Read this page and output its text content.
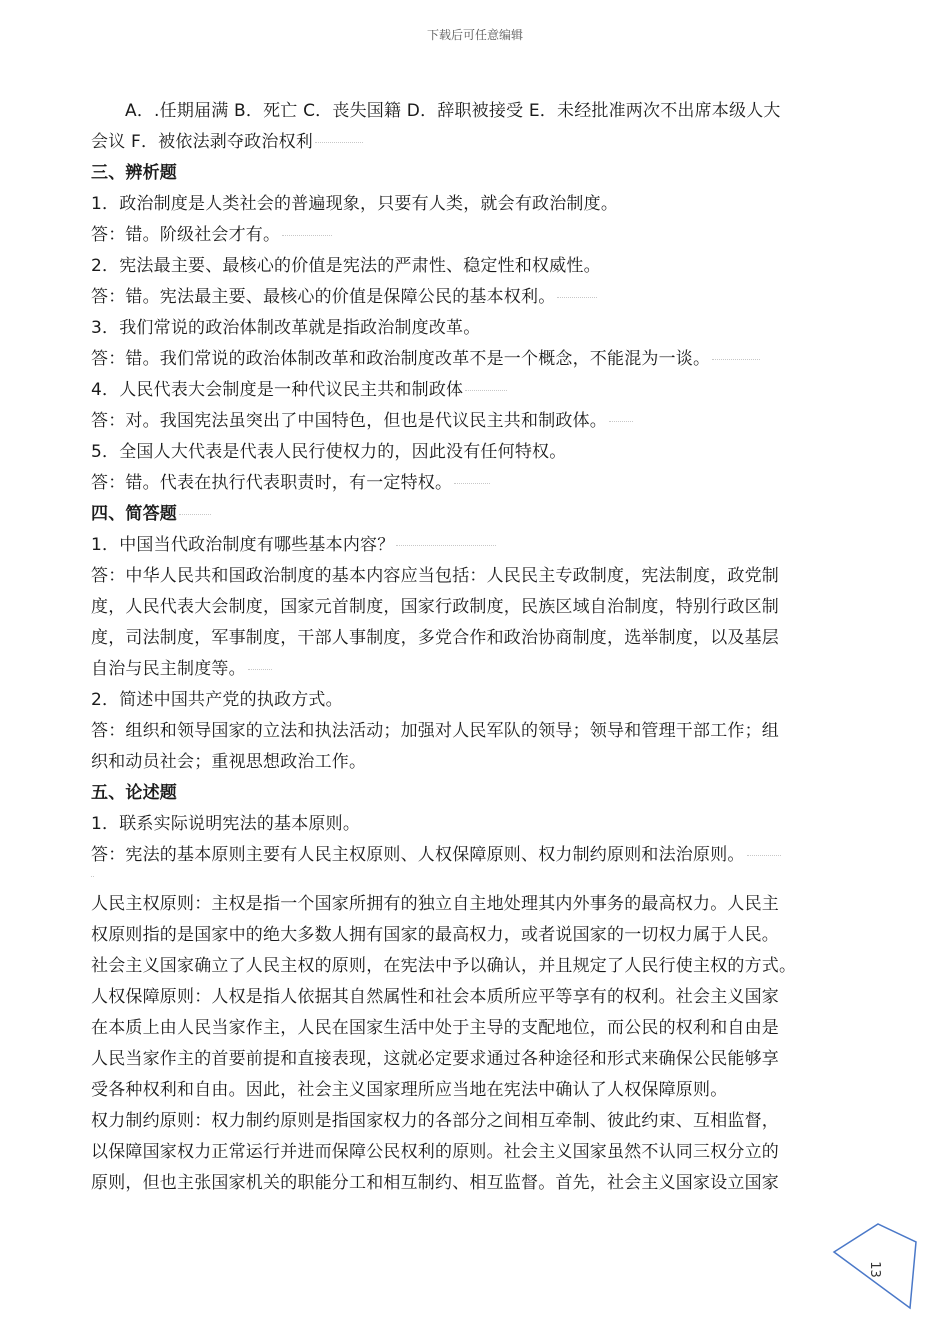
下载后可任意编辑
A．.任期届满 B．死亡 C．丧失国籍 D．辞职被接受 E．未经批准两次不出席本级人大
会议 F．被依法剥夺政治权利
三、辨析题
1．政治制度是人类社会的普遍现象，只要有人类，就会有政治制度。
答：错。阶级社会才有。
2．宪法最主要、最核心的价值是宪法的严肃性、稳定性和权威性。
答：错。宪法最主要、最核心的价值是保障公民的基本权利。
3．我们常说的政治体制改革就是指政治制度改革。
答：错。我们常说的政治体制改革和政治制度改革不是一个概念，不能混为一谈。
4．人民代表大会制度是一种代议民主共和制政体
答：对。我国宪法虽突出了中国特色，但也是代议民主共和制政体。
5．全国人大代表是代表人民行使权力的，因此没有任何特权。
答：错。代表在执行代表职责时，有一定特权。
四、简答题
1．中国当代政治制度有哪些基本内容？
答：中华人民共和国政治制度的基本内容应当包括：人民民主专政制度，宪法制度，政党制
度，人民代表大会制度，国家元首制度，国家行政制度，民族区域自治制度，特别行政区制
度，司法制度，军事制度，干部人事制度，多党合作和政治协商制度，选举制度，以及基层
自治与民主制度等。
2．简述中国共产党的执政方式。
答：组织和领导国家的立法和执法活动；加强对人民军队的领导；领导和管理干部工作；组
织和动员社会；重视思想政治工作。
五、论述题
1．联系实际说明宪法的基本原则。
答：宪法的基本原则主要有人民主权原则、人权保障原则、权力制约原则和法治原则。
人民主权原则：主权是指一个国家所拥有的独立自主地处理其内外事务的最高权力。人民主
权原则指的是国家中的绝大多数人拥有国家的最高权力，或者说国家的一切权力属于人民。
社会主义国家确立了人民主权的原则，在宪法中予以确认，并且规定了人民行使主权的方式。
人权保障原则：人权是指人依据其自然属性和社会本质所应平等享有的权利。社会主义国家
在本质上由人民当家作主，人民在国家生活中处于主导的支配地位，而公民的权利和自由是
人民当家作主的首要前提和直接表现，这就必定要求通过各种途径和形式来确保公民能够享
受各种权利和自由。因此，社会主义国家理所应当地在宪法中确认了人权保障原则。
权力制约原则：权力制约原则是指国家权力的各部分之间相互牵制、彼此约束、互相监督，
以保障国家权力正常运行并进而保障公民权利的原则。社会主义国家虽然不认同三权分立的
原则，但也主张国家机关的职能分工和相互制约、相互监督。首先，社会主义国家设立国家
13
